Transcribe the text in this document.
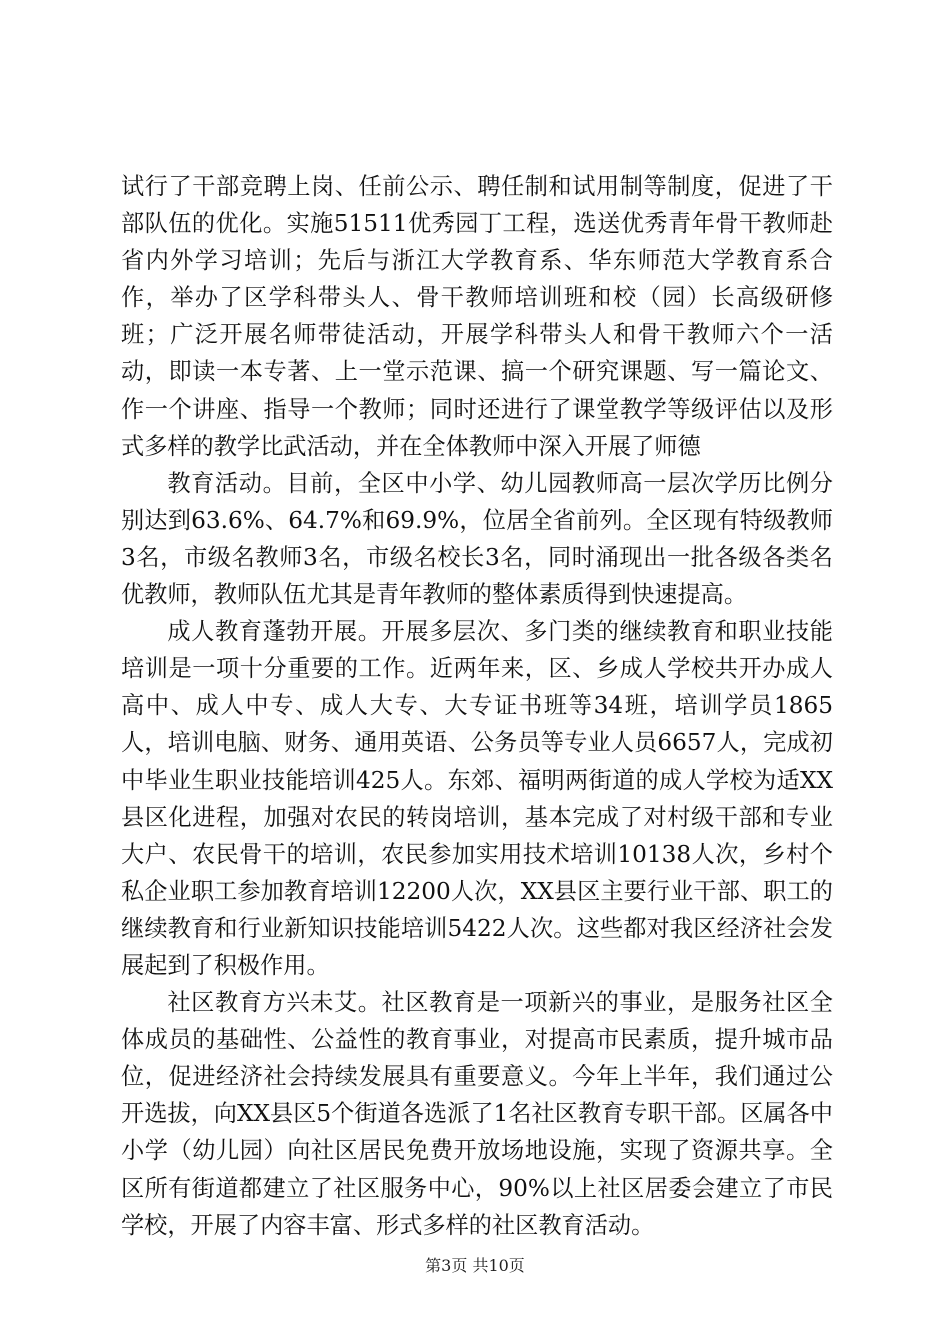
试行了干部竞聘上岗、任前公示、聘任制和试用制等制度，促进了干部队伍的优化。实施51511优秀园丁工程，选送优秀青年骨干教师赴省内外学习培训；先后与浙江大学教育系、华东师范大学教育系合作，举办了区学科带头人、骨干教师培训班和校（园）长高级研修班；广泛开展名师带徒活动，开展学科带头人和骨干教师六个一活动，即读一本专著、上一堂示范课、搞一个研究课题、写一篇论文、作一个讲座、指导一个教师；同时还进行了课堂教学等级评估以及形式多样的教学比武活动，并在全体教师中深入开展了师德

教育活动。目前，全区中小学、幼儿园教师高一层次学历比例分别达到63.6%、64.7%和69.9%，位居全省前列。全区现有特级教师3名，市级名教师3名，市级名校长3名，同时涌现出一批各级各类名优教师，教师队伍尤其是青年教师的整体素质得到快速提高。

成人教育蓬勃开展。开展多层次、多门类的继续教育和职业技能培训是一项十分重要的工作。近两年来，区、乡成人学校共开办成人高中、成人中专、成人大专、大专证书班等34班，培训学员1865人，培训电脑、财务、通用英语、公务员等专业人员6657人，完成初中毕业生职业技能培训425人。东郊、福明两街道的成人学校为适XX县区化进程，加强对农民的转岗培训，基本完成了对村级干部和专业大户、农民骨干的培训，农民参加实用技术培训10138人次，乡村个私企业职工参加教育培训12200人次，XX县区主要行业干部、职工的继续教育和行业新知识技能培训5422人次。这些都对我区经济社会发展起到了积极作用。

社区教育方兴未艾。社区教育是一项新兴的事业，是服务社区全体成员的基础性、公益性的教育事业，对提高市民素质，提升城市品位，促进经济社会持续发展具有重要意义。今年上半年，我们通过公开选拔，向XX县区5个街道各选派了1名社区教育专职干部。区属各中小学（幼儿园）向社区居民免费开放场地设施，实现了资源共享。全区所有街道都建立了社区服务中心，90%以上社区居委会建立了市民学校，开展了内容丰富、形式多样的社区教育活动。

第3页 共10页
